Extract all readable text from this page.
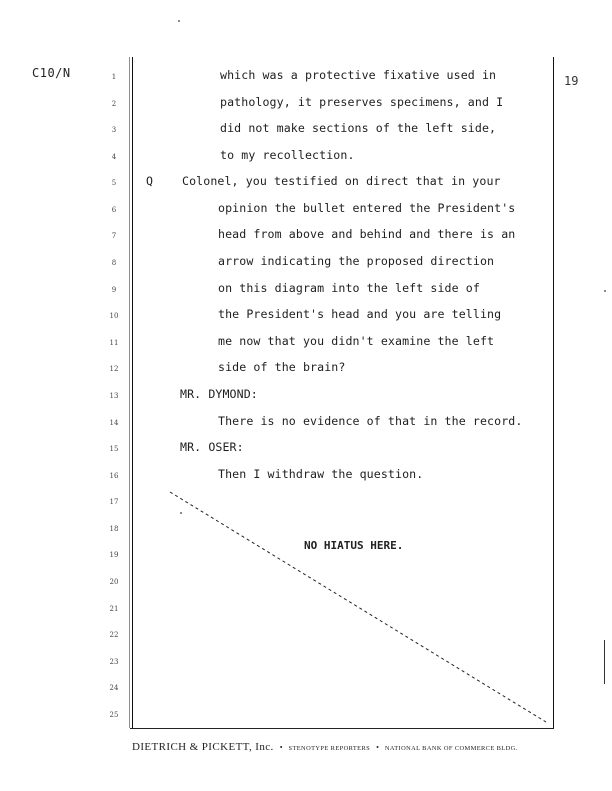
C10/N
19
1
2
3
4
5
6
7
8
9
10
11
12
13
14
15
16
17
18
19
20
21
22
23
24
25
which was a protective fixative used in
pathology, it preserves specimens, and I
did not make sections of the left side,
to my recollection.
Q Colonel, you testified on direct that in your
opinion the bullet entered the President's
head from above and behind and there is an
arrow indicating the proposed direction
on this diagram into the left side of
the President's head and you are telling
me now that you didn't examine the left
side of the brain?
MR. DYMOND:
There is no evidence of that in the record.
MR. OSER:
Then I withdraw the question.
NO HIATUS HERE.
DIETRICH & PICKETT, Inc. • STENOTYPE REPORTERS • NATIONAL BANK OF COMMERCE BLDG.
